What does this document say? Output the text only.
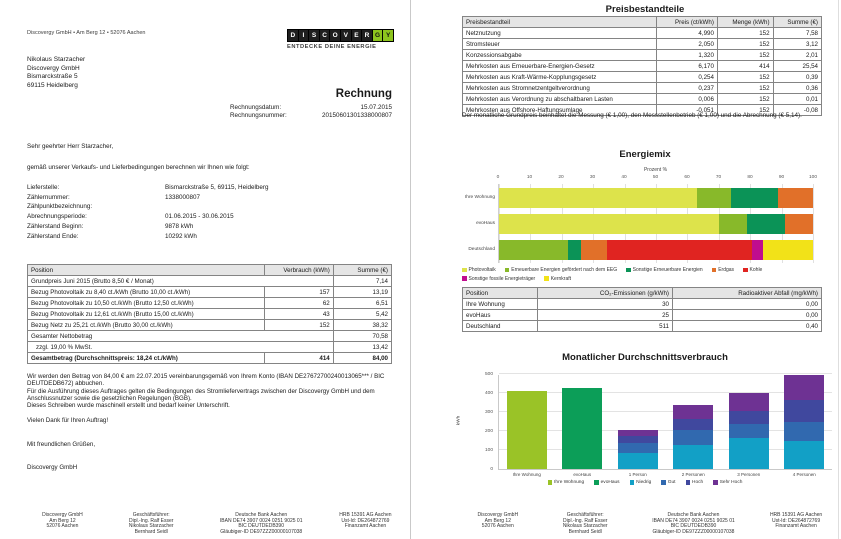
Discovergy GmbH • Am Berg 12 • 52076 Aachen	D	I	S C O V E R G Y
ENTDECKE DEINE ENERGIE
Nikolaus Starzacher
Discovergy GmbH
Bismarckstraße 5
69115 Heidelberg
Rechnung
Rechnungsdatum:	15.07.2015
Rechnungsnummer:	20150601301338000807
Sehr geehrter Herr Starzacher,
gemäß unserer Verkaufs- und Lieferbedingungen berechnen wir Ihnen wie folgt:
Lieferstelle:	Bismarckstraße 5, 69115, Heidelberg
Zählernummer:	1338000807
Zählpunktbezeichnung:
Abrechnungsperiode:	01.06.2015 - 30.06.2015
Zählerstand Beginn:	9878 kWh
Zählerstand Ende:	10292 kWh
Position	Verbrauch (kWh)	Summe (€)
Grundpreis Juni 2015 (Brutto 8,50 € / Monat)		7,14
Bezug Photovoltaik zu 8,40 ct./kWh (Brutto 10,00 ct./kWh)	157	13,19
Bezug Photovoltaik zu 10,50 ct./kWh (Brutto 12,50 ct./kWh)	62	6,51
Bezug Photovoltaik zu 12,61 ct./kWh (Brutto 15,00 ct./kWh)	43	5,42
Bezug Netz zu 25,21 ct./kWh (Brutto 30,00 ct./kWh)	152	38,32
Gesamter Nettobetrag		70,58
zzgl. 19,00 % MwSt.		13,42
Gesamtbetrag (Durchschnittspreis: 18,24 ct./kWh)	414	84,00
Wir werden den Betrag von 84,00 € am 22.07.2015 vereinbarungsgemäß von Ihrem Konto (IBAN DE27672700240013065*** / BIC DEUTDEDB672) abbuchen.
Für die Ausführung dieses Auftrages gelten die Bedingungen des Stromliefervertrags zwischen der Discovergy GmbH und dem Anschlussnutzer sowie die gesetzlichen Regelungen (BGB).
Dieses Schreiben wurde maschinell erstellt und bedarf keiner Unterschrift.
Vielen Dank für Ihren Auftrag!
Mit freundlichen Grüßen,
Discovergy GmbH
Discovergy GmbH
Am Berg 12
52076 Aachen
Geschäftsführer:
Dipl.-Ing. Ralf Esser
Nikolaus Starzacher
Bernhard Seidl
Deutsche Bank Aachen
IBAN DE74 3907 0024 0251 9025 01
BIC DEUTDEDB390
Gläubiger-ID DE97ZZZ00000107038
HRB 15391 AG Aachen
Ust-Id: DE264872769
Finanzamt Aachen
Preisbestandteile
Preisbestandteil	Preis (ct/kWh)	Menge (kWh)	Summe (€)
Netznutzung	4,990	152	7,58
Stromsteuer	2,050	152	3,12
Konzessionsabgabe	1,320	152	2,01
Mehrkosten aus Erneuerbare-Energien-Gesetz	6,170	414	25,54
Mehrkosten aus Kraft-Wärme-Kopplungsgesetz	0,254	152	0,39
Mehrkosten aus Stromnetzentgeltverordnung	0,237	152	0,36
Mehrkosten aus Verordnung zu abschaltbaren Lasten	0,006	152	0,01
Mehrkosten aus Offshore-Haftungsumlage	-0,051	152	-0,08
Der monatliche Grundpreis beinhaltet die Messung (€ 1,00), den Messstellenbetrieb (€ 1,00) und die Abrechnung (€ 5,14).
Energiemix
Prozent %
0	10	20	30	40	50	60	70	80	90	100
Ihre Wohnung
evoHaus
Deutschland
Photovoltaik	Erneuerbare Energien gefördert nach dem EEG	Sonstige Erneuerbare Energien	Erdgas	Kohle
Sonstige fossile Energieträger	Kernkraft
Position	CO₂-Emissionen (g/kWh)	Radioaktiver Abfall (mg/kWh)
Ihre Wohnung	30	0,00
evoHaus	25	0,00
Deutschland	511	0,40
Monatlicher Durchschnittsverbrauch
kWh
0
100
200
300
400
500
Ihre Wohnung	evoHaus	1 Person	2 Personen	3 Personen	4 Personen
Ihre Wohnung	evoHaus	Niedrig	Gut	Hoch	Sehr Hoch
Discovergy GmbH
Am Berg 12
52076 Aachen
Geschäftsführer:
Dipl.-Ing. Ralf Esser
Nikolaus Starzacher
Bernhard Seidl
Deutsche Bank Aachen
IBAN DE74 3907 0024 0251 9025 01
BIC DEUTDEDB390
Gläubiger-ID DE97ZZZ00000107038
HRB 15391 AG Aachen
Ust-Id: DE264872769
Finanzamt Aachen
